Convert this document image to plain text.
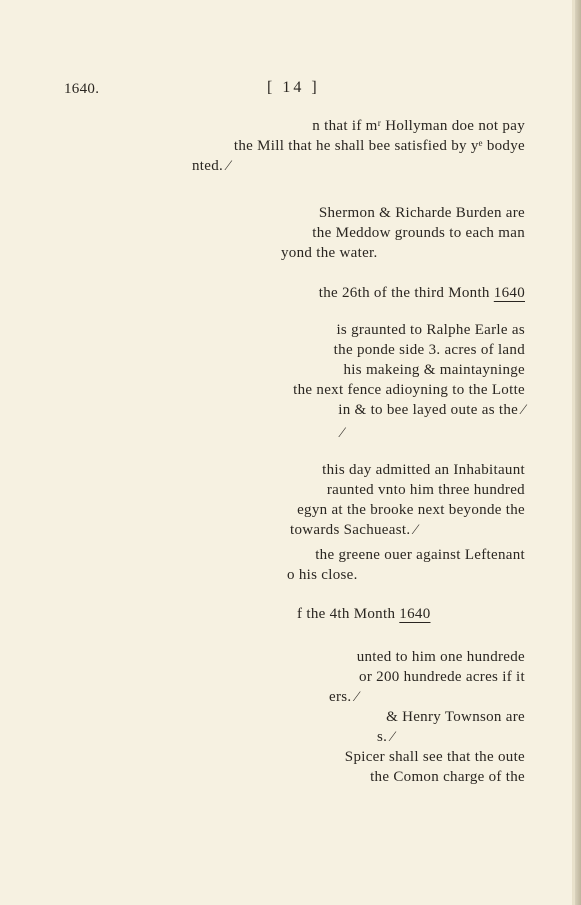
1640.	[ 14 ]
n that if mʳ Hollyman doe not pay
the Mill that he shall bee satisfied by yᵉ bodye
nted. ⁄
Shermon & Richarde Burden are
the Meddow grounds to each man
yond the water.
the 26th of the third Month 1640
is graunted to Ralphe Earle as
the ponde side 3. acres of land
his makeing & maintayninge
the next fence adioyning to the Lotte
in & to bee layed oute as the ⁄
⁄
this day admitted an Inhabitaunt
raunted vnto him three hundred
egyn at the brooke next beyonde the
towards Sachueast. ⁄
the greene ouer against Leftenant
o his close.
f the 4th Month 1640
unted to him one hundrede
or 200 hundrede acres if it
ers. ⁄
& Henry Townson are
s. ⁄
Spicer shall see that the oute
the Comon charge of the
